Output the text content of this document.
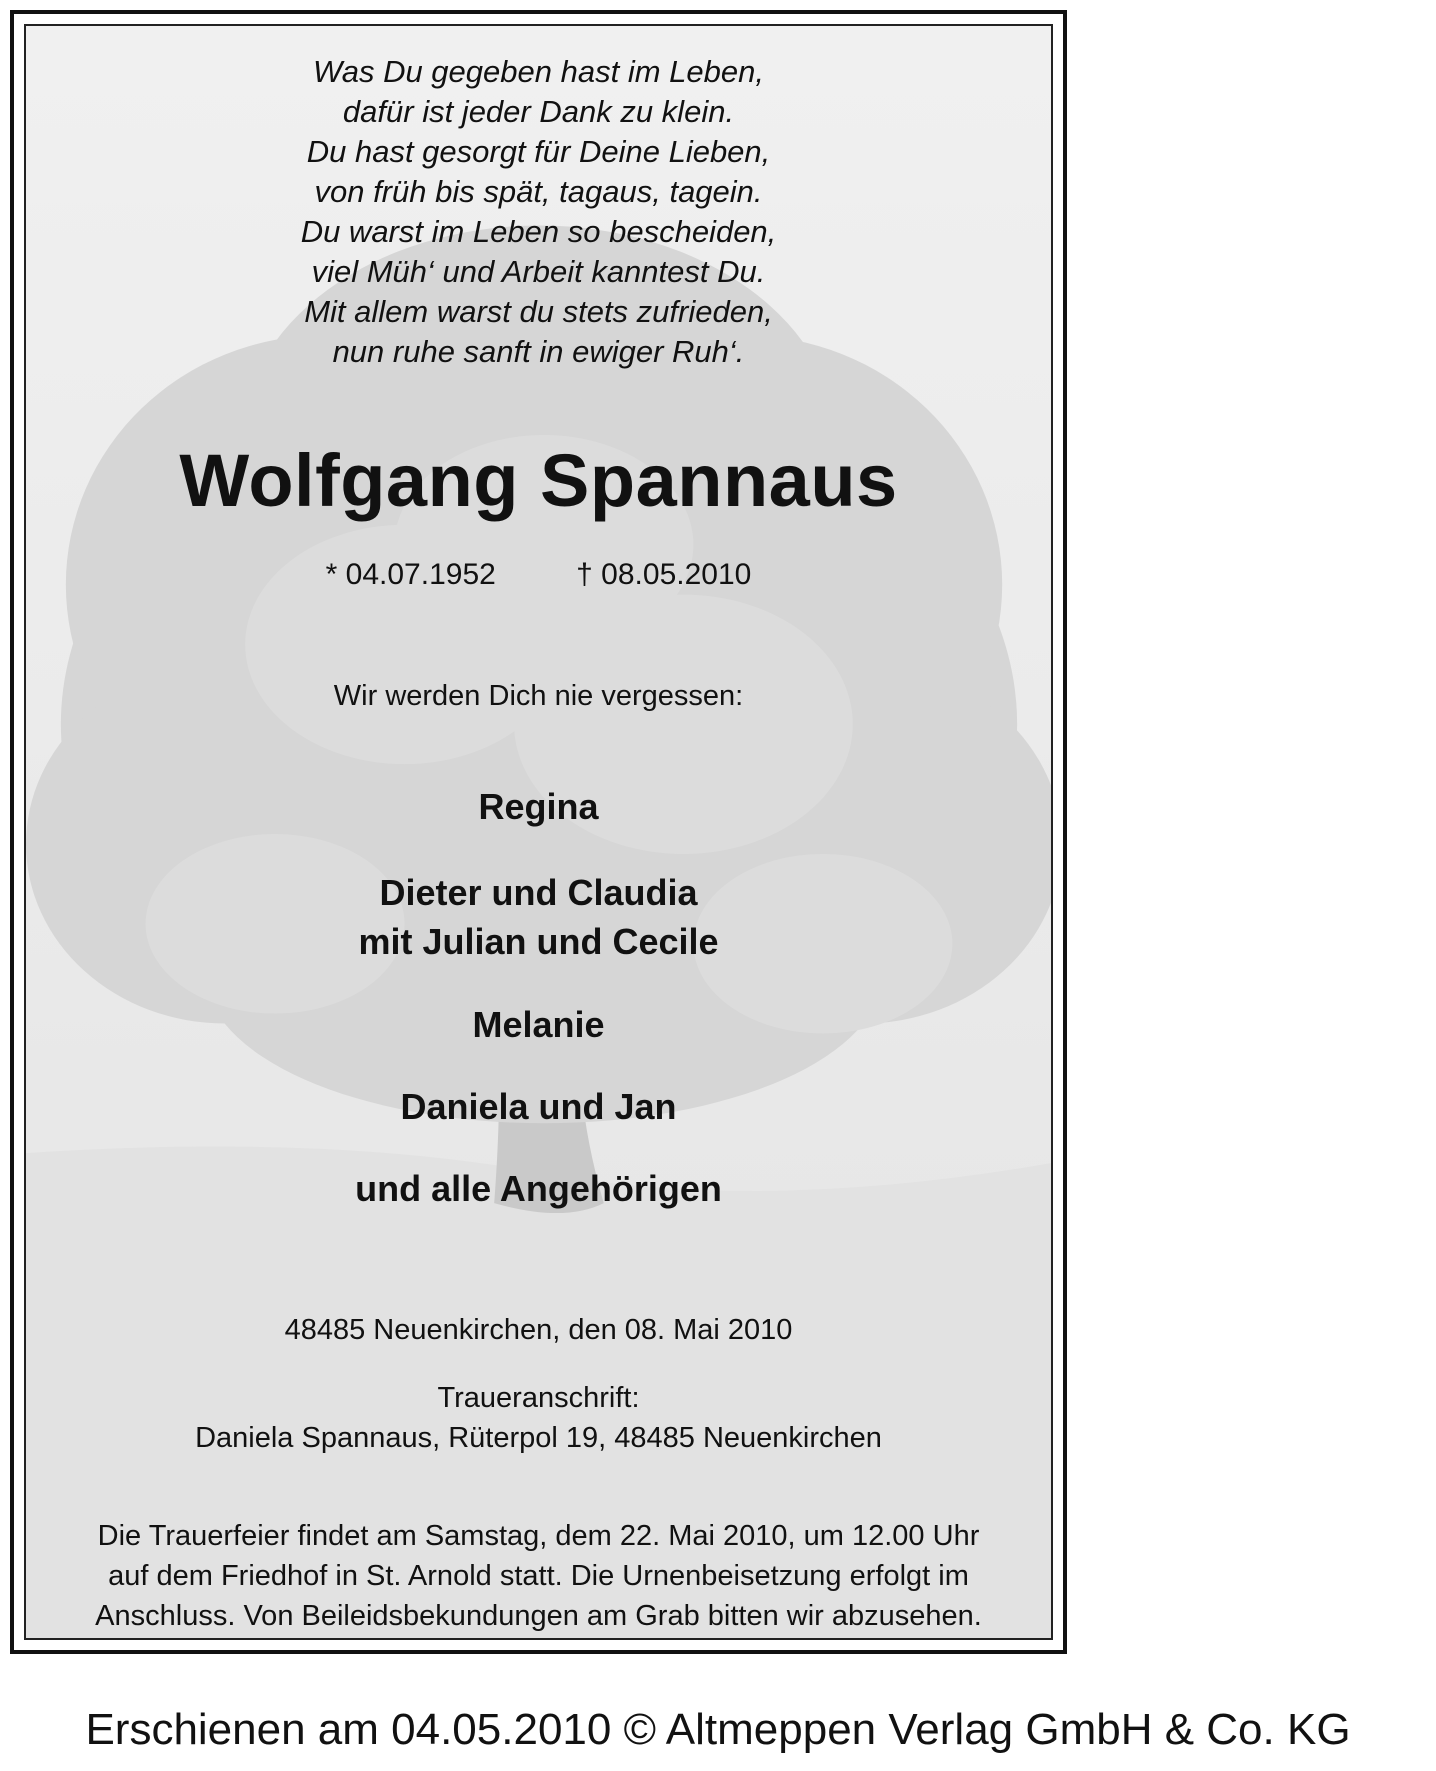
Was Du gegeben hast im Leben,
dafür ist jeder Dank zu klein.
Du hast gesorgt für Deine Lieben,
von früh bis spät, tagaus, tagein.
Du warst im Leben so bescheiden,
viel Müh‘ und Arbeit kanntest Du.
Mit allem warst du stets zufrieden,
nun ruhe sanft in ewiger Ruh‘.
Wolfgang Spannaus
* 04.07.1952	† 08.05.2010
Wir werden Dich nie vergessen:
Regina
Dieter und Claudia
mit Julian und Cecile
Melanie
Daniela und Jan
und alle Angehörigen
48485 Neuenkirchen, den 08. Mai 2010
Traueranschrift:
Daniela Spannaus, Rüterpol 19, 48485 Neuenkirchen
Die Trauerfeier findet am Samstag, dem 22. Mai 2010, um 12.00 Uhr
auf dem Friedhof in St. Arnold statt. Die Urnenbeisetzung erfolgt im
Anschluss. Von Beileidsbekundungen am Grab bitten wir abzusehen.

Erschienen am 04.05.2010 © Altmeppen Verlag GmbH & Co. KG
